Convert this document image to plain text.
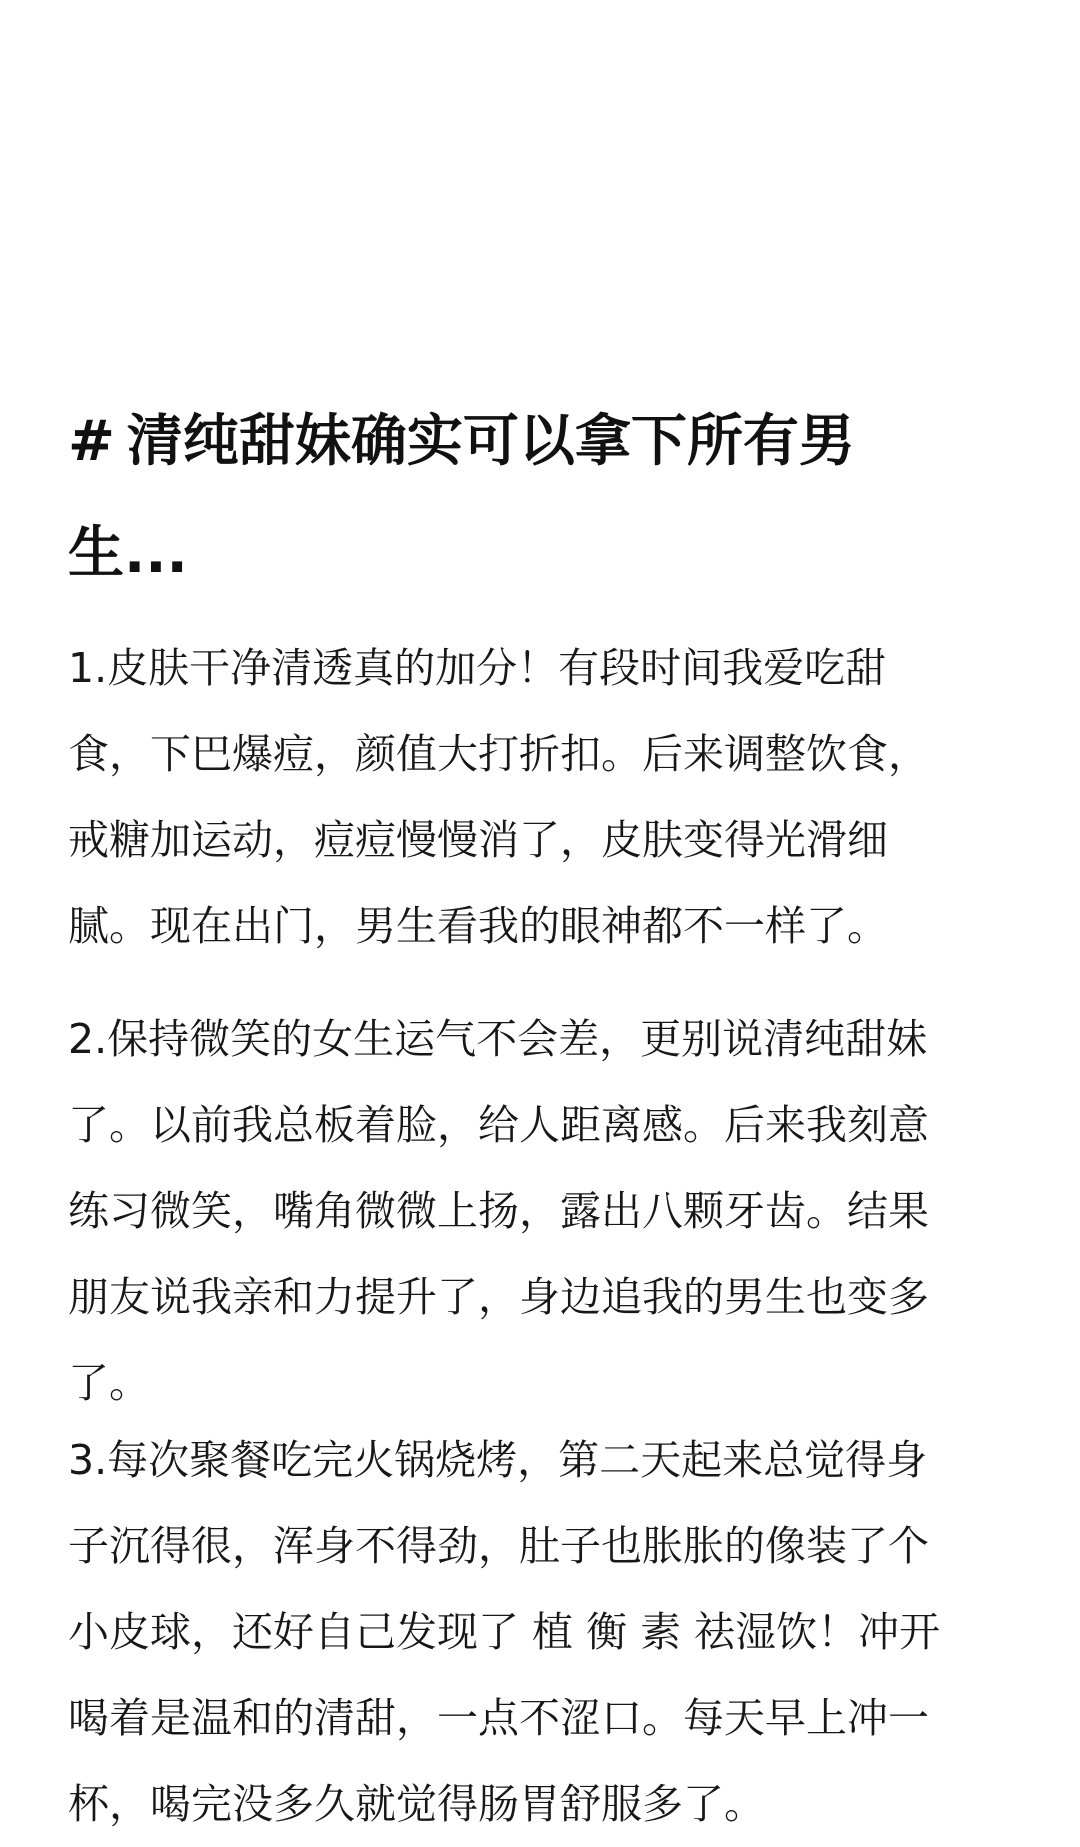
# 清纯甜妹确实可以拿下所有男
生...

1.皮肤干净清透真的加分！有段时间我爱吃甜
食，下巴爆痘，颜值大打折扣。后来调整饮食，
戒糖加运动，痘痘慢慢消了，皮肤变得光滑细
腻。现在出门，男生看我的眼神都不一样了。

2.保持微笑的女生运气不会差，更别说清纯甜妹
了。以前我总板着脸，给人距离感。后来我刻意
练习微笑，嘴角微微上扬，露出八颗牙齿。结果
朋友说我亲和力提升了，身边追我的男生也变多
了。

3.每次聚餐吃完火锅烧烤，第二天起来总觉得身
子沉得很，浑身不得劲，肚子也胀胀的像装了个
小皮球，还好自己发现了 植 衡 素 祛湿饮！冲开
喝着是温和的清甜，一点不涩口。每天早上冲一
杯，喝完没多久就觉得肠胃舒服多了。
